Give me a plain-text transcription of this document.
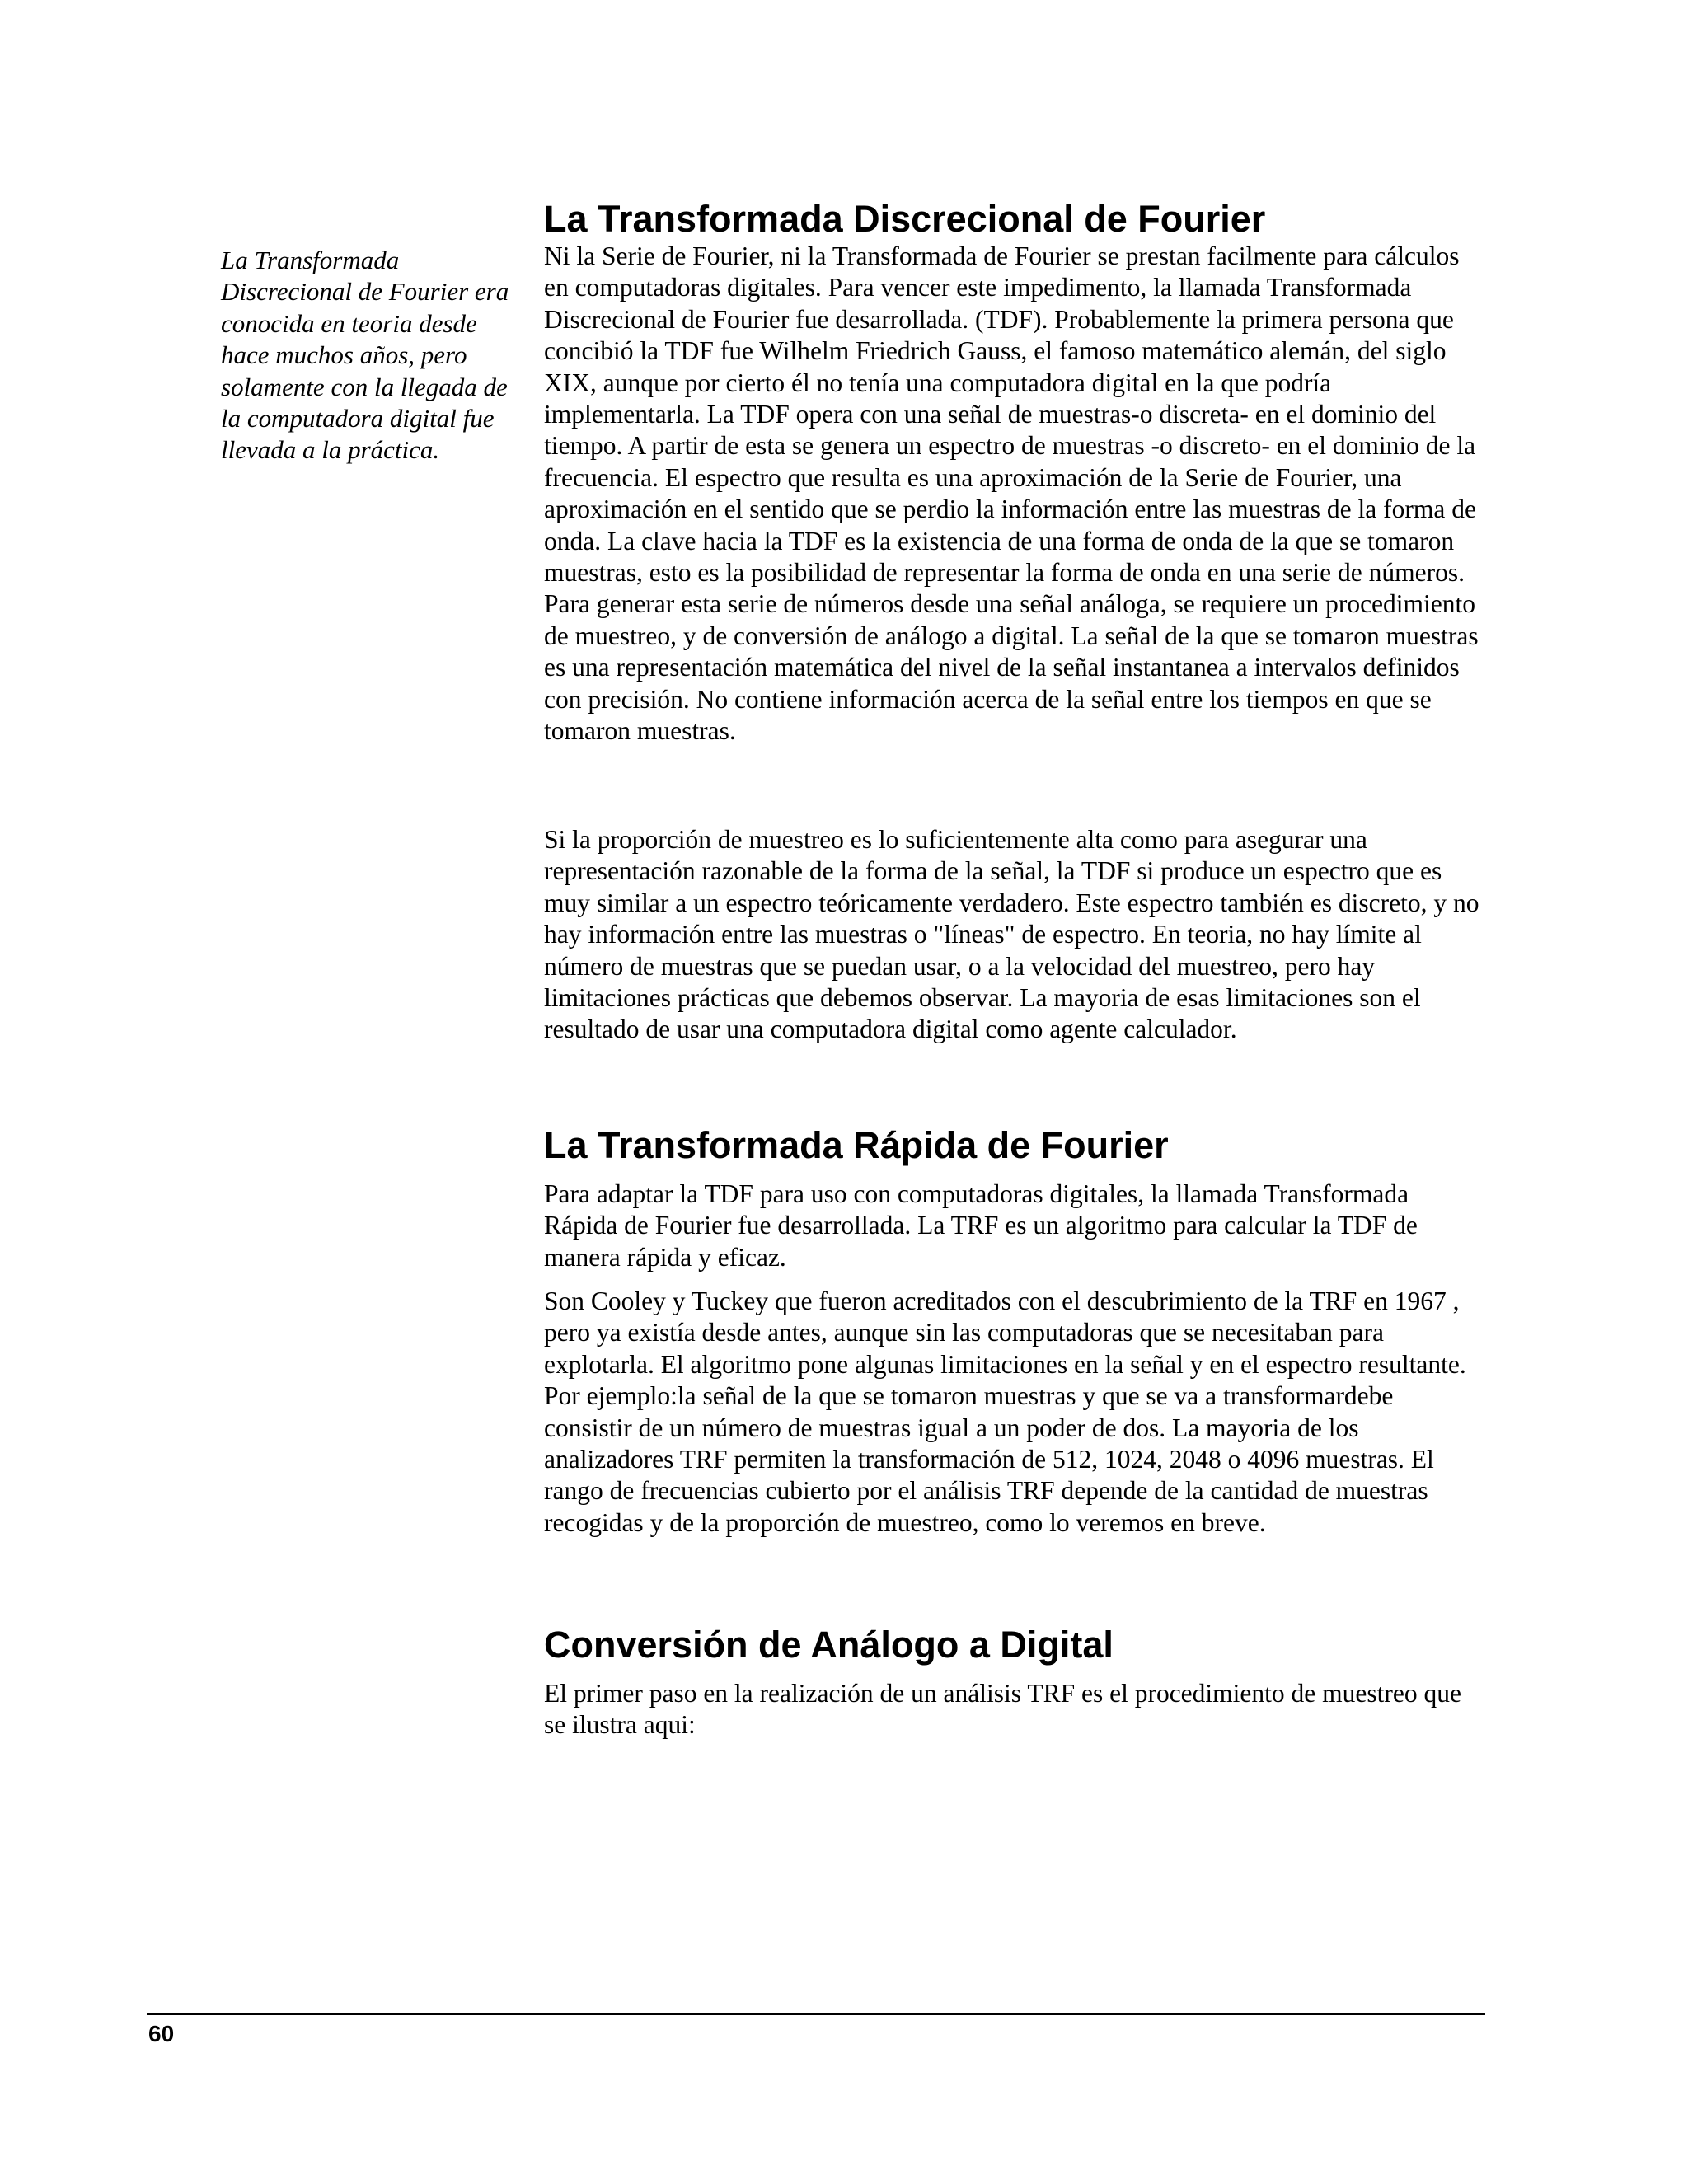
La Transformada Discrecional de Fourier era conocida en teoria desde hace muchos años, pero solamente con la llegada de la computadora digital fue llevada a la práctica.

La Transformada Discrecional de Fourier

Ni la Serie de Fourier, ni la Transformada de Fourier se prestan facilmente para cálculos en computadoras digitales. Para vencer este impedimento, la llamada Transformada Discrecional de Fourier fue desarrollada. (TDF). Probablemente la primera persona que concibió la TDF fue Wilhelm Friedrich Gauss, el famoso matemático alemán, del siglo XIX, aunque por cierto él no tenía una computadora digital en la que podría implementarla. La TDF opera con una señal de muestras-o discreta- en el dominio del tiempo. A partir de esta se genera un espectro de muestras -o discreto- en el dominio de la frecuencia. El espectro que resulta es una aproximación de la Serie de Fourier, una aproximación en el sentido que se perdio la información entre las muestras de la forma de onda. La clave hacia la TDF es la existencia de una forma de onda de la que se tomaron muestras, esto es la posibilidad de representar la forma de onda en una serie de números. Para generar esta serie de números desde una señal análoga, se requiere un procedimiento de muestreo, y de conversión de análogo a digital. La señal de la que se tomaron muestras es una representación matemática del nivel de la señal instantanea a intervalos definidos con precisión. No contiene información acerca de la señal entre los tiempos en que se tomaron muestras.

Si la proporción de muestreo es lo suficientemente alta como para asegurar una representación razonable de la forma de la señal, la TDF si produce un espectro que es muy similar a un espectro teóricamente verdadero. Este espectro también es discreto, y no hay información entre las muestras o "líneas" de espectro. En teoria, no hay límite al número de muestras que se puedan usar, o a la velocidad del muestreo, pero hay limitaciones prácticas que debemos observar. La mayoria de esas limitaciones son el resultado de usar una computadora digital como agente calculador.

La Transformada Rápida de Fourier

Para adaptar la TDF para uso con computadoras digitales, la llamada Transformada Rápida de Fourier fue desarrollada. La TRF es un algoritmo para calcular la TDF de manera rápida y eficaz.

Son Cooley y Tuckey que fueron acreditados con el descubrimiento de la TRF en 1967 , pero ya existía desde antes, aunque sin las computadoras que se necesitaban para explotarla. El algoritmo pone algunas limitaciones en la señal y en el espectro resultante. Por ejemplo:la señal de la que se tomaron muestras y que se va a transformardebe consistir de un número de muestras igual a un poder de dos. La mayoria de los analizadores TRF permiten la transformación de 512, 1024, 2048 o 4096 muestras. El rango de frecuencias cubierto por el análisis TRF depende de la cantidad de muestras recogidas y de la proporción de muestreo, como lo veremos en breve.

Conversión de Análogo a Digital

El primer paso en la realización de un análisis TRF es el procedimiento de muestreo que se ilustra aqui:

60
